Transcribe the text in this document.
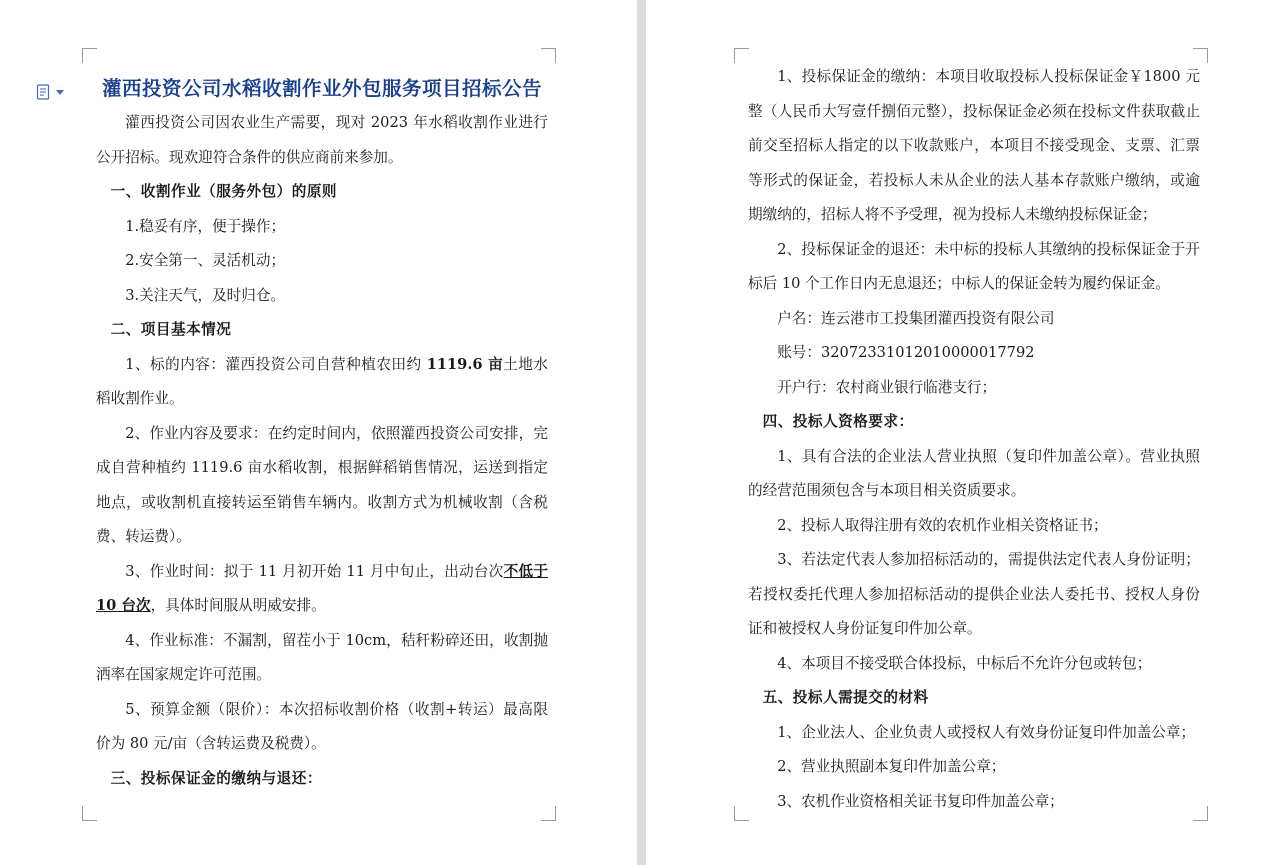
灌西投资公司水稻收割作业外包服务项目招标公告

灌西投资公司因农业生产需要，现对 2023 年水稻收割作业进行公开招标。现欢迎符合条件的供应商前来参加。

一、收割作业（服务外包）的原则

1.稳妥有序，便于操作；

2.安全第一、灵活机动；

3.关注天气，及时归仓。

二、项目基本情况

1、标的内容：灌西投资公司自营种植农田约 1119.6 亩土地水稻收割作业。

2、作业内容及要求：在约定时间内，依照灌西投资公司安排，完成自营种植约 1119.6 亩水稻收割，根据鲜稻销售情况，运送到指定地点，或收割机直接转运至销售车辆内。收割方式为机械收割（含税费、转运费）。

3、作业时间：拟于 11 月初开始 11 月中旬止，出动台次不低于 10 台次，具体时间服从明威安排。

4、作业标准：不漏割，留茬小于 10cm，秸秆粉碎还田，收割抛洒率在国家规定许可范围。

5、预算金额（限价）：本次招标收割价格（收割+转运）最高限价为 80 元/亩（含转运费及税费）。

三、投标保证金的缴纳与退还：

1、投标保证金的缴纳：本项目收取投标人投标保证金￥1800 元整（人民币大写壹仟捌佰元整），投标保证金必须在投标文件获取截止前交至招标人指定的以下收款账户，本项目不接受现金、支票、汇票等形式的保证金，若投标人未从企业的法人基本存款账户缴纳，或逾期缴纳的，招标人将不予受理，视为投标人未缴纳投标保证金；

2、投标保证金的退还：未中标的投标人其缴纳的投标保证金于开标后 10 个工作日内无息退还；中标人的保证金转为履约保证金。

户名：连云港市工投集团灌西投资有限公司

账号：32072331012010000017792

开户行：农村商业银行临港支行；

四、投标人资格要求：

1、具有合法的企业法人营业执照（复印件加盖公章）。营业执照的经营范围须包含与本项目相关资质要求。

2、投标人取得注册有效的农机作业相关资格证书；

3、若法定代表人参加招标活动的，需提供法定代表人身份证明；若授权委托代理人参加招标活动的提供企业法人委托书、授权人身份证和被授权人身份证复印件加公章。

4、本项目不接受联合体投标，中标后不允许分包或转包；

五、投标人需提交的材料

1、企业法人、企业负责人或授权人有效身份证复印件加盖公章；

2、营业执照副本复印件加盖公章；

3、农机作业资格相关证书复印件加盖公章；
